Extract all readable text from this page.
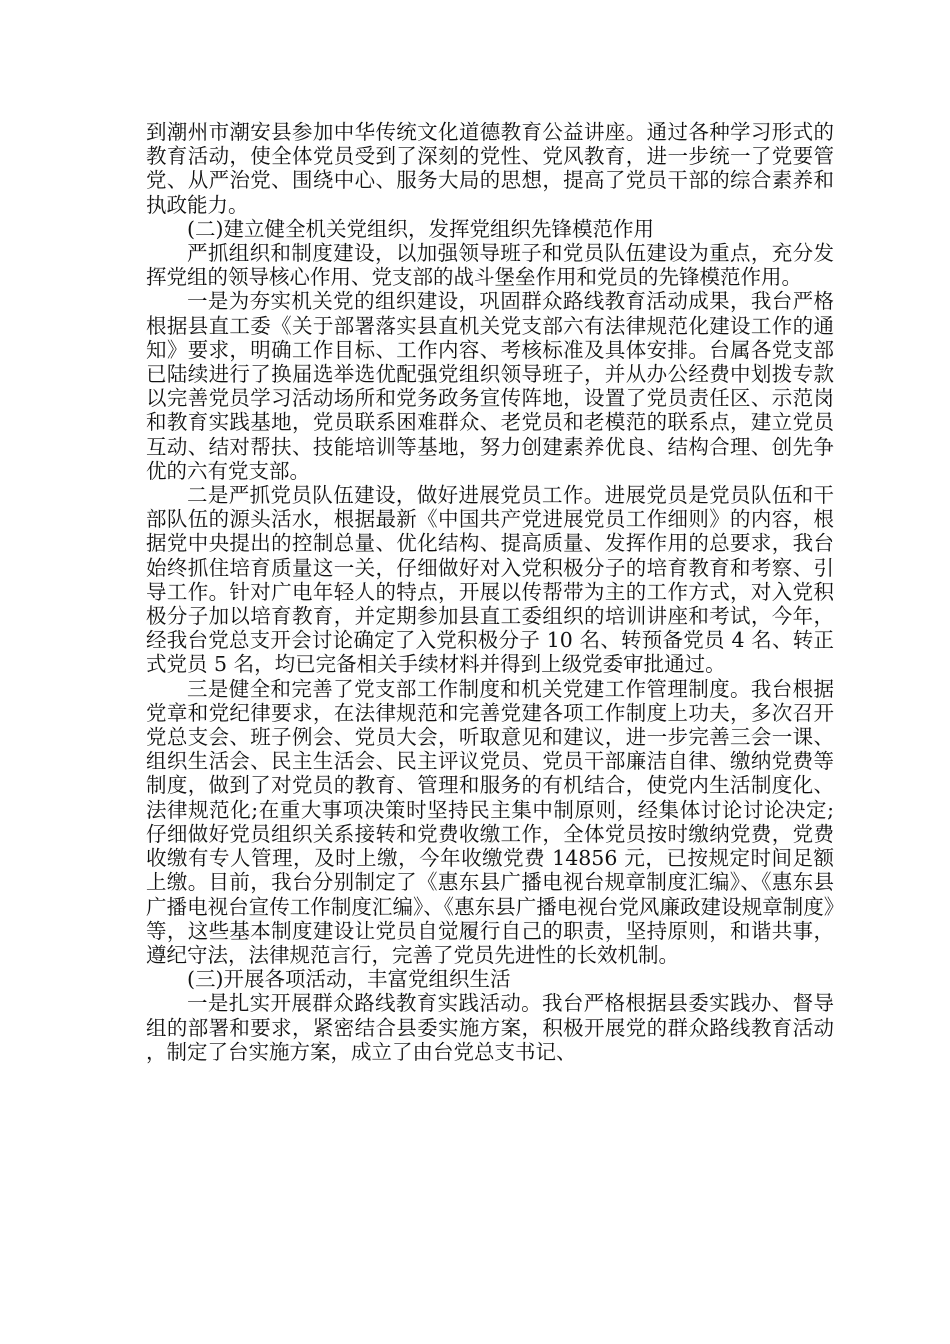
到潮州市潮安县参加中华传统文化道德教育公益讲座。通过各种学习形式的教育活动，使全体党员受到了深刻的党性、党风教育，进一步统一了党要管党、从严治党、围绕中心、服务大局的思想，提高了党员干部的综合素养和执政能力。

(二)建立健全机关党组织，发挥党组织先锋模范作用

严抓组织和制度建设，以加强领导班子和党员队伍建设为重点，充分发挥党组的领导核心作用、党支部的战斗堡垒作用和党员的先锋模范作用。

一是为夯实机关党的组织建设，巩固群众路线教育活动成果，我台严格根据县直工委《关于部署落实县直机关党支部六有法律规范化建设工作的通知》要求，明确工作目标、工作内容、考核标准及具体安排。台属各党支部已陆续进行了换届选举选优配强党组织领导班子，并从办公经费中划拨专款以完善党员学习活动场所和党务政务宣传阵地，设置了党员责任区、示范岗和教育实践基地，党员联系困难群众、老党员和老模范的联系点，建立党员互动、结对帮扶、技能培训等基地，努力创建素养优良、结构合理、创先争优的六有党支部。

二是严抓党员队伍建设，做好进展党员工作。进展党员是党员队伍和干部队伍的源头活水，根据最新《中国共产党进展党员工作细则》的内容，根据党中央提出的控制总量、优化结构、提高质量、发挥作用的总要求，我台始终抓住培育质量这一关，仔细做好对入党积极分子的培育教育和考察、引导工作。针对广电年轻人的特点，开展以传帮带为主的工作方式，对入党积极分子加以培育教育，并定期参加县直工委组织的培训讲座和考试，今年，经我台党总支开会讨论确定了入党积极分子 10 名、转预备党员 4 名、转正式党员 5 名，均已完备相关手续材料并得到上级党委审批通过。

三是健全和完善了党支部工作制度和机关党建工作管理制度。我台根据党章和党纪律要求，在法律规范和完善党建各项工作制度上功夫，多次召开党总支会、班子例会、党员大会，听取意见和建议，进一步完善三会一课、组织生活会、民主生活会、民主评议党员、党员干部廉洁自律、缴纳党费等制度，做到了对党员的教育、管理和服务的有机结合，使党内生活制度化、法律规范化;在重大事项决策时坚持民主集中制原则，经集体讨论讨论决定;仔细做好党员组织关系接转和党费收缴工作，全体党员按时缴纳党费，党费收缴有专人管理，及时上缴，今年收缴党费 14856 元，已按规定时间足额上缴。目前，我台分别制定了《惠东县广播电视台规章制度汇编》、《惠东县广播电视台宣传工作制度汇编》、《惠东县广播电视台党风廉政建设规章制度》等，这些基本制度建设让党员自觉履行自己的职责，坚持原则，和谐共事，遵纪守法，法律规范言行，完善了党员先进性的长效机制。

(三)开展各项活动，丰富党组织生活

一是扎实开展群众路线教育实践活动。我台严格根据县委实践办、督导组的部署和要求，紧密结合县委实施方案，积极开展党的群众路线教育活动，制定了台实施方案，成立了由台党总支书记、
